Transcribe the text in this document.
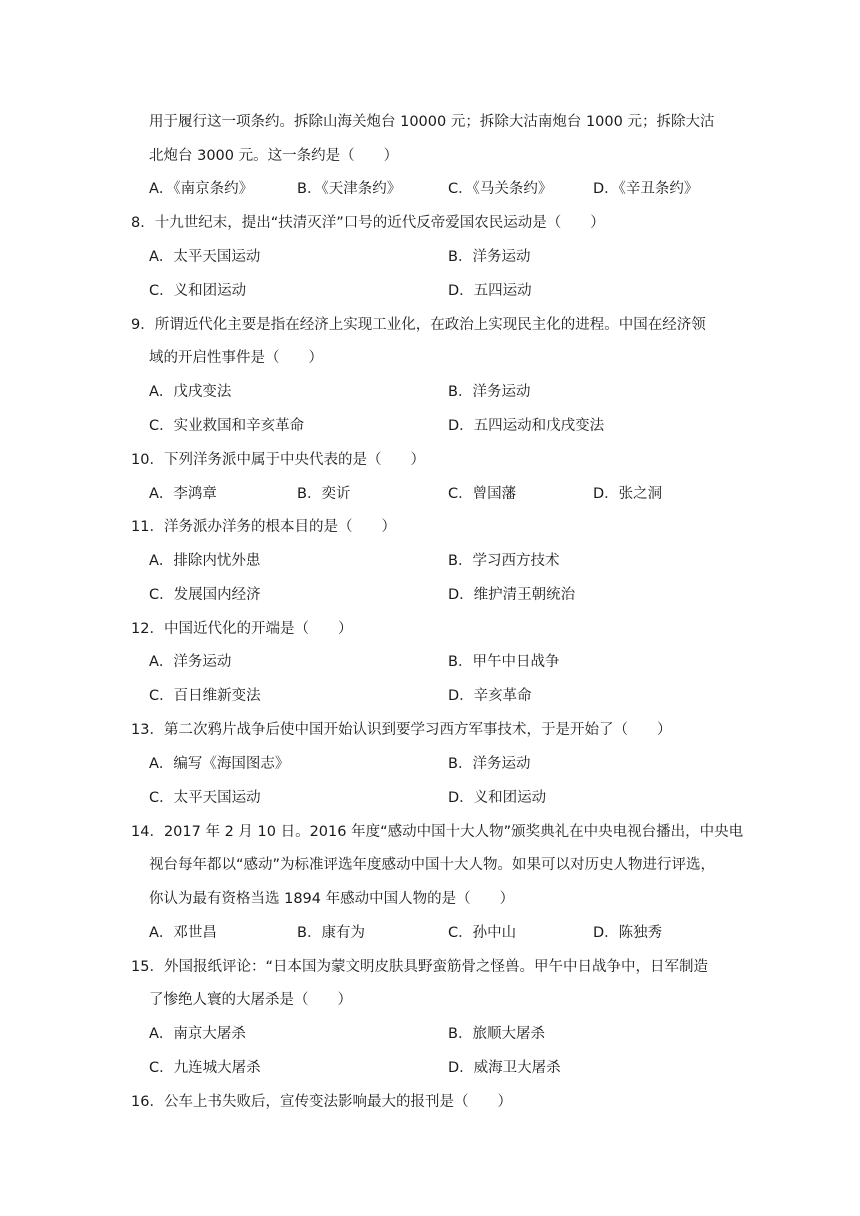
用于履行这一项条约。拆除山海关炮台 10000 元；拆除大沽南炮台 1000 元；拆除大沽
北炮台 3000 元。这一条约是（　　）
A．《南京条约》	B．《天津条约》	C．《马关条约》	D．《辛丑条约》
8．十九世纪末，提出“扶清灭洋”口号的近代反帝爱国农民运动是（　　）
A．太平天国运动	B．洋务运动
C．义和团运动	D．五四运动
9．所谓近代化主要是指在经济上实现工业化，在政治上实现民主化的进程。中国在经济领
域的开启性事件是（　　）
A．戊戌变法	B．洋务运动
C．实业救国和辛亥革命	D．五四运动和戊戌变法
10．下列洋务派中属于中央代表的是（　　）
A．李鸿章	B．奕䜣	C．曾国藩	D．张之洞
11．洋务派办洋务的根本目的是（　　）
A．排除内忧外患	B．学习西方技术
C．发展国内经济	D．维护清王朝统治
12．中国近代化的开端是（　　）
A．洋务运动	B．甲午中日战争
C．百日维新变法	D．辛亥革命
13．第二次鸦片战争后使中国开始认识到要学习西方军事技术，于是开始了（　　）
A．编写《海国图志》	B．洋务运动
C．太平天国运动	D．义和团运动
14．2017 年 2 月 10 日。2016 年度“感动中国十大人物”颁奖典礼在中央电视台播出，中央电
视台每年都以“感动”为标准评选年度感动中国十大人物。如果可以对历史人物进行评选，
你认为最有资格当选 1894 年感动中国人物的是（　　）
A．邓世昌	B．康有为	C．孙中山	D．陈独秀
15．外国报纸评论：“日本国为蒙文明皮肤具野蛮筋骨之怪兽。甲午中日战争中，日军制造
了惨绝人寰的大屠杀是（　　）
A．南京大屠杀	B．旅顺大屠杀
C．九连城大屠杀	D．威海卫大屠杀
16．公车上书失败后，宣传变法影响最大的报刊是（　　）
